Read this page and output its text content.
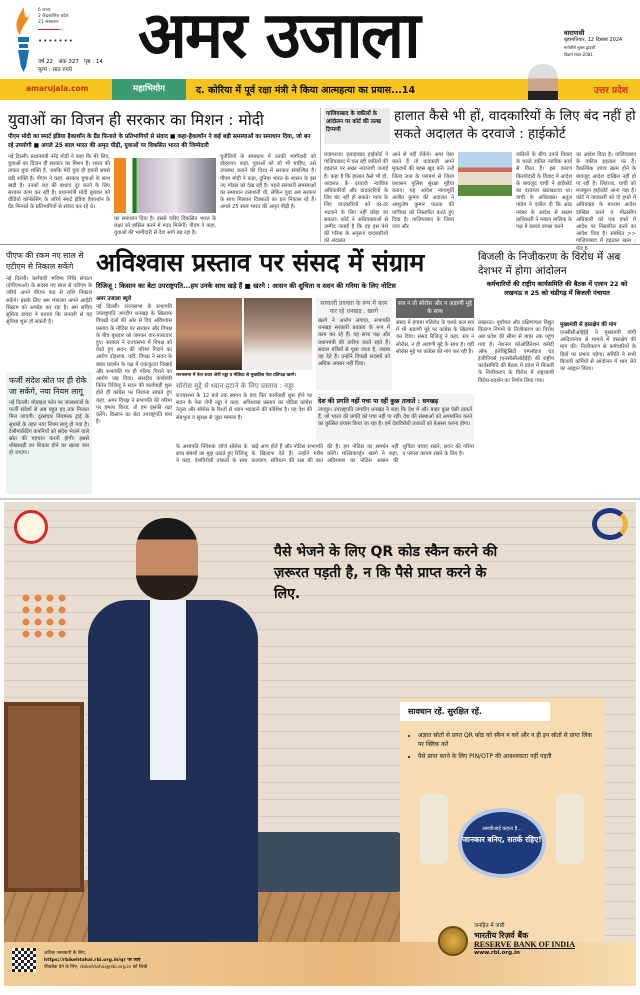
6 राज्य
2 केंद्रशासित प्रदेश
21 संस्करण
•••••••
वर्ष 22   अंक 327   पृष्ठ : 14
मूल्य : सात रुपये अमर उजाला	वाराणसी
बृहस्पतिवार, 12 दिसंबर 2024
मार्गशीर्ष शुक्ल द्वादशी
विक्रम संवत-2081
amarujala.com	महाभियोग	द. कोरिया में पूर्व रक्षा मंत्री ने किया आत्महत्या का प्रयास...14	उत्तर प्रदेश
युवाओं का विजन ही सरकार का मिशन : मोदी
पीएम मोदी का स्मार्ट इंडिया हैकाथॉन के ग्रैंड फिनाले के प्रतिभागियों से संवाद ■ कहा-हैकाथॉन ने कई बड़ी समस्याओं का समाधान दिया, जो बन रहे उपयोगी ■ अगले 25 साल भारत की अमृत पीढ़ी, युवाओं पर विकसित भारत की जिम्मेदारी
नई दिल्ली। प्रधानमंत्री नरेंद्र मोदी ने कहा कि मेरे लिए, युवाओं का विजन ही सरकार का मिशन है। भारत की ताकत युवा शक्ति है, जबकि मेरी युवा ही हमारी सबसे बड़ी शक्ति है। पीएम ने कहा, सरकार युवाओं के साथ खड़ी है। उनको राह की बाधाएं दूर करने के लिए सरकार काम कर रही है। प्रधानमंत्री मोदी बुधवार को वीडियो कॉन्फ्रेंसिंग के जरिये स्मार्ट इंडिया हैकाथॉन के ग्रैंड फिनाले के प्रतिभागियों से संवाद कर रहे थे।
का समाधान दिया है। इससे जरिए विकसित भारत के लक्ष्य को हासिल करने में मदद मिलेगी। पीएम ने कहा, युवाओं की भागीदारी से देश आगे बढ़ रहा है।
चुनौतियों के समाधान में उनकी भागीदारी को दोहराया। कहा, युवाओं को जो भी चाहिए, उसे उपलब्ध कराने की दिशा में सरकार संकल्पित है। पीएम मोदी ने कहा, दुनिया भारत के शासन के इस नए मॉडल को देख रही है। पहले सरकारी समस्याओं का समाधान तलाशती थी, लेकिन युवा अब सरकार के साथ मिलकर दिक्कतों का हल निकाल रहे हैं। अगले 25 साल भारत की अमृत पीढ़ी है।
गाजियाबाद के वकीलों के आंदोलन पर कोर्ट की तल्ख टिप्पणी
हालात कैसे भी हों, वादकारियों के लिए बंद नहीं हो सकते अदालत के दरवाजे : हाईकोर्ट
प्रयागराज। इलाहाबाद हाईकोर्ट ने गाजियाबाद में चल रही वकीलों की हड़ताल पर सख्त नाराजगी जताई है। कहा है कि हालात कैसे भी हों, अदालत के दरवाजे न्यायिक अधिकारियों और वादकारियों के लिए बंद नहीं हो सकते। न्याय के लिए वादकारियों को दर-दर भटकने के लिए नहीं छोड़ा जा सकता। कोर्ट ने अधिवक्ताओं से उम्मीद जताई है कि वह इस पेशे की गरिमा के अनुरूप वादकारियों को अदालत
आने से नहीं रोकेंगे। अगर ऐसा करते हैं तो वादकारी अपने मुकदमों की बहस खुद करें। उन्हें जिला जज के परामर्श से जिला प्रशासन पुलिस सुरक्षा मुहैया कराए। यह आदेश न्यायमूर्ति अजीत कुमार की अदालत ने आशुतोष कुमार पाठक की याचिका को निस्तारित करते हुए दिया है। गाजियाबाद के जिला जज और
वकीलों के बीच उपजे विवाद के चलते वकील न्यायिक कार्य से विरत हैं। इस कारण किरायेदारी के विवाद में आदेश के बावजूद याची ने हाईकोर्ट का दरवाजा खटखटाया था। याची के अधिवक्ता अतुल पांडेय ने दलील दी कि आठ नवंबर के आदेश से सक्षम प्राधिकारी ने मकान मालिक के पक्ष में कब्जा वापस करने
का आदेश दिया है। गाजियाबाद के वकील हड़ताल पर हैं। वैकल्पिक उपाय खत्म होने के बावजूद आदेश दाखिल नहीं हो पा रही है। लिहाजा, याची को मजबूरन हाईकोर्ट आना पड़ा है। कोर्ट ने वादकारी को दो हफ्ते में अधिवक्ता के माध्यम आदेश दाखिल करने व पीठासीन अधिकारी को एक हफ्ते में आदेश पर निस्तारित करने का आदेश दिया है। संबंधित >> गाजियाबाद में हड़ताल खत्म : पेज 6
पीएफ की रकम नए साल से एटीएम से निकाल सकेंगे
नई दिल्ली। कर्मचारी भविष्य निधि संगठन (ईपीएफओ) के सदस्य नए साल से एटीएम के जरिये अपने पीएफ फंड से राशि निकाल सकेंगे। इसके लिए श्रम मंत्रालय अपने आईटी सिस्टम को अपग्रेड कर रहा है। श्रम सचिव सुमिता डावरा ने बताया कि जनवरी से यह सुविधा शुरू हो सकती है।
फर्जी संदेश स्रोत पर ही रोके जा सकेंगे, नया नियम लागू
नई दिल्ली। मोबाइल फोन पर जालसाजों के फर्जी संदेशों से अब बहुत हद तक निजात मिल जाएगी। दूरसंचार नियामक ट्राई के सुधारों के तहत नया नियम लागू हो गया है। टेलीमार्केटिंग कंपनियों को संदेश भेजने वाले स्रोत की पहचान करनी होगी। इससे धोखाधड़ी का शिकार होने का खतरा कम हो जाएगा।
अविश्वास प्रस्ताव पर संसद में संग्राम
रिजिजू : किसान का बेटा उपराष्ट्रपति...हम उनके साथ खड़े हैं ■ खरगे : आसन की शुचिता व सदन की गरिमा के लिए नोटिस
अमर उजाला ब्यूरो
नई दिल्ली। राज्यसभा के सभापति उपराष्ट्रपति जगदीप धनखड़ के खिलाफ विपक्षी दलों की ओर से दिए अविश्वास प्रस्ताव के नोटिस पर सरकार और विपक्ष के बीच बुधवार को जमकर वार-पलटवार हुए। सरकार ने राज्यसभा में विपक्ष को घेरते हुए सदन की गरिमा गिराने का आरोप दोहराया, वहीं, विपक्ष ने सदन के बाहर प्रदर्शन के पक्ष में एकजुटता दिखाई और सभापति पर ही गरिमा गिराने का आरोप जड़ दिया। संसदीय कार्यमंत्री किरेन रिजिजू ने सदन की कार्यवाही शुरू होते ही कांग्रेस पर निशाना साधते हुए कहा, अगर विपक्ष ने सभापति की गरिमा पर हमला किया, तो हम इसकी रक्षा करेंगे। किसान का बेटा उपराष्ट्रपति बना है।
राज्यसभा में नेता सदन जेपी नड्डा व मीडिया से मुखातिब नेता प्रतिपक्ष खरगे।
सरकारी प्रवक्ता के रूप में काम कर रहे धनखड़ : खरगे
खरगे ने आरोप लगाया, सभापति धनखड़ सरकारी प्रवक्ता के रूप में काम कर रहे हैं। वह सत्ता पक्ष और प्रधानमंत्री की तारीफ करते रहते हैं। सवाल मंत्रियों से पूछा जाता है, जवाब वह देते हैं। उन्होंने विपक्षी सदस्यों को अधिक अवसर नहीं दिया।
सत्र न तो सोरोस और न अडाणी मुद्दे के साथ
संसद में हंगामा गतिरोध के चलते कल सत्र में भी अडाणी मुद्दे पर कांग्रेस के खिलाफ कर दिया। संसद रिजिजू ने कहा, सत्र न सोरोस, न ही अडाणी मुद्दे के साथ है। वहीं सोरोस मुद्दे पर कांग्रेस की मांग कर रही है।
सोरोस मुद्दे से ध्यान हटाने के लिए प्रस्ताव : नड्डा
राज्यसभा के 12 बजे तक स्थगन के बाद फिर कार्यवाही शुरू होने पर सदन के नेता जेपी नड्डा ने कहा, अविश्वास प्रस्ताव का नोटिस कांग्रेस नेतृत्व और सोरोस के रिश्तों से ध्यान भटकाने की कोशिश है। यह देश की संप्रभुता व सुरक्षा से जुड़ा मामला है।
देश की प्रगति नहीं पचा पा रहीं कुछ ताकतें : धनखड़
जयपुर। उपराष्ट्रपति जगदीप धनखड़ ने कहा कि देश में और बाहर कुछ ऐसी ताकतें हैं, जो भारत की प्रगति को पचा नहीं पा रहीं। देश की संस्थाओं को अपमानित करने का कुत्सित प्रयास किया जा रहा है। हमें देशविरोधी ताकतों को बेअसर करना होगा।
के अरबपति निवेशक जॉर्ज सोरोस के साथ संबंधों का मुद्दा उठाते हुए रिजिजू ने कहा, देशविरोधी ताकतों के साथ खड़े आप होते हैं और नोटिस सभापति के खिलाफ देते हैं। उन्होंने गरीब कल्याण, संविधान की रक्षा की बात की है। हम नोटिस का समर्थन नहीं करेंगे। मल्लिकार्जुन खरगे ने कहा, अविश्वास का नोटिस आसन की शुचिता बचाए रखने, सदन की गरिमा व परंपरा कायम रखने के लिए है।
बिजली के निजीकरण के विरोध में अब देशभर में होगा आंदोलन
कर्मचारियों की राष्ट्रीय कार्यसमिति की बैठक में एलान 22 को लखनऊ व 25 को चंडीगढ़ में बिजली पंचायत
लखनऊ। पूर्वांचल और दक्षिणांचल विद्युत वितरण निगमों के निजीकरण का विरोध अब प्रदेश की सीमा से बाहर तक पहुंच गया है। नेशनल कोऑर्डिनेशन कमेटी ऑफ इलेक्ट्रिसिटी एम्प्लॉइज एंड इंजीनियर्स (एनसीसीओईईई) की राष्ट्रीय कार्यसमिति की बैठक में प्रदेश में बिजली के निजीकरण के विरोध में राष्ट्रव्यापी विरोध-प्रदर्शन का निर्णय लिया गया।
मुख्यमंत्री से हस्तक्षेप की मांग
एनसीसीओईईई ने मुख्यमंत्री योगी आदित्यनाथ से मामले में हस्तक्षेप की मांग की। निजीकरण से कर्मचारियों के हितों पर प्रभाव पड़ेगा। समिति ने सभी बिजली कर्मियों से आंदोलन में भाग लेने का आह्वान किया।
पैसे भेजने के लिए QR कोड स्कैन करने की ज़रूरत पड़ती है, न कि पैसे प्राप्त करने के लिए.
सावधान रहें. सुरक्षित रहें.
• अज्ञात स्रोतों से प्राप्त QR कोड को स्कैन न करें और न ही इन स्रोतों से प्राप्त लिंक पर क्लिक करें
• पैसे प्राप्त करने के लिए PIN/OTP की आवश्यकता नहीं पड़ती
आरबीआई कहता है...
जानकार बनिए, सतर्क रहिए!
अधिक जानकारी के लिए,
https://rbikehtahai.rbi.org.in/qr पर जाएं
फीडबैक देने के लिए, rbikehtahai@rbi.org.in को लिखें
जनहित में जारी
भारतीय रिज़र्व बैंक
RESERVE BANK OF INDIA
www.rbi.org.in
